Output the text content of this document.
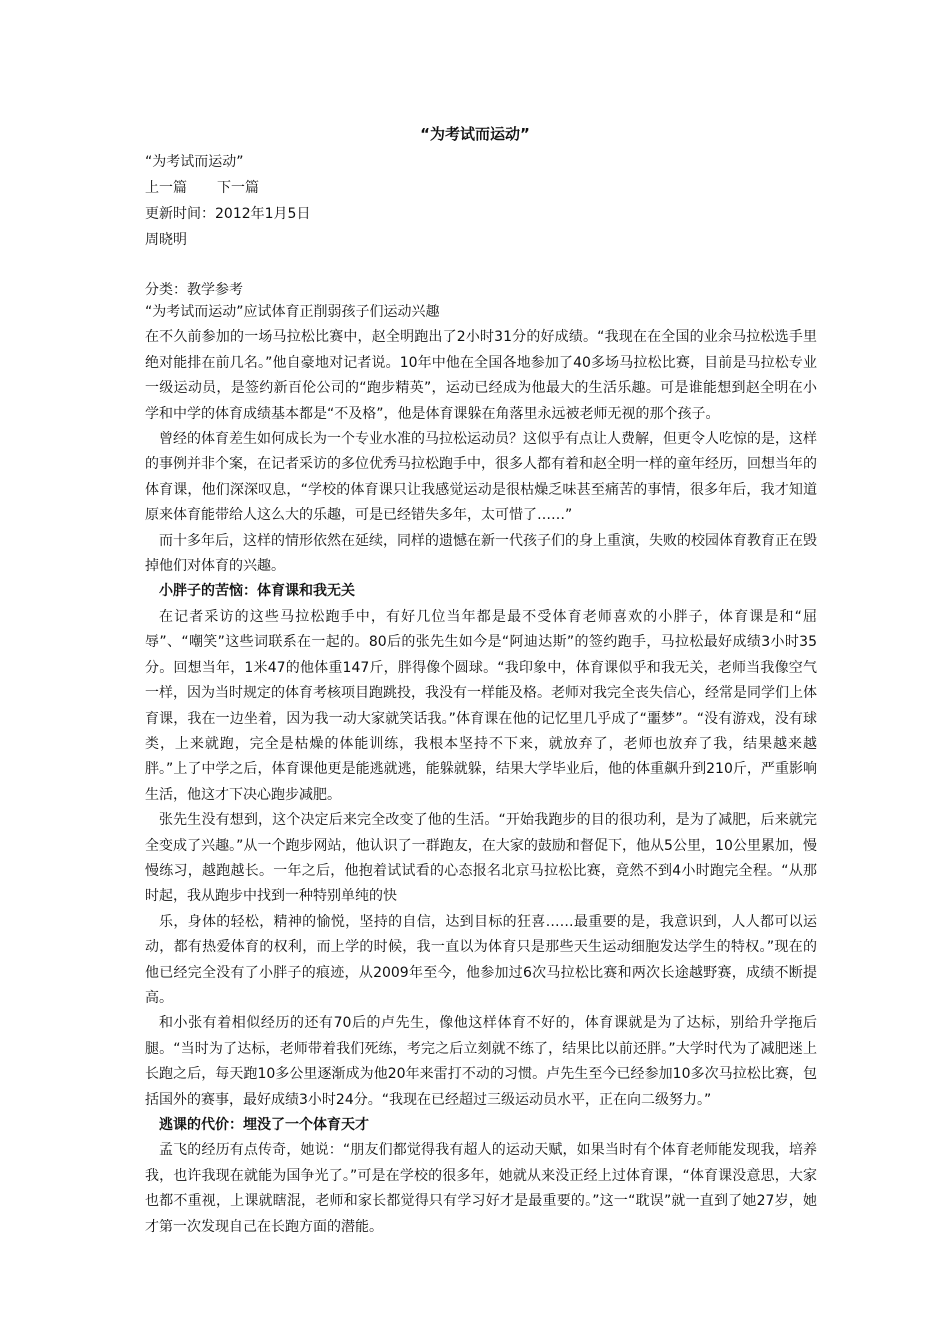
“为考试而运动”
“为考试而运动”
上一篇 下一篇
更新时间：2012年1月5日
周晓明
分类：教学参考

“为考试而运动”应试体育正削弱孩子们运动兴趣

在不久前参加的一场马拉松比赛中，赵全明跑出了2小时31分的好成绩。“我现在在全国的业余马拉松选手里绝对能排在前几名。”他自豪地对记者说。10年中他在全国各地参加了40多场马拉松比赛，目前是马拉松专业一级运动员，是签约新百伦公司的“跑步精英”，运动已经成为他最大的生活乐趣。可是谁能想到赵全明在小学和中学的体育成绩基本都是“不及格”，他是体育课躲在角落里永远被老师无视的那个孩子。

曾经的体育差生如何成长为一个专业水准的马拉松运动员？这似乎有点让人费解，但更令人吃惊的是，这样的事例并非个案，在记者采访的多位优秀马拉松跑手中，很多人都有着和赵全明一样的童年经历，回想当年的体育课，他们深深叹息，“学校的体育课只让我感觉运动是很枯燥乏味甚至痛苦的事情，很多年后，我才知道原来体育能带给人这么大的乐趣，可是已经错失多年，太可惜了……”

而十多年后，这样的情形依然在延续，同样的遗憾在新一代孩子们的身上重演，失败的校园体育教育正在毁掉他们对体育的兴趣。

小胖子的苦恼：体育课和我无关

在记者采访的这些马拉松跑手中，有好几位当年都是最不受体育老师喜欢的小胖子，体育课是和“屈辱”、“嘲笑”这些词联系在一起的。80后的张先生如今是“阿迪达斯”的签约跑手，马拉松最好成绩3小时35分。回想当年，1米47的他体重147斤，胖得像个圆球。“我印象中，体育课似乎和我无关，老师当我像空气一样，因为当时规定的体育考核项目跑跳投，我没有一样能及格。老师对我完全丧失信心，经常是同学们上体育课，我在一边坐着，因为我一动大家就笑话我。”体育课在他的记忆里几乎成了“噩梦”。“没有游戏，没有球类，上来就跑，完全是枯燥的体能训练，我根本坚持不下来，就放弃了，老师也放弃了我，结果越来越胖。”上了中学之后，体育课他更是能逃就逃，能躲就躲，结果大学毕业后，他的体重飙升到210斤，严重影响生活，他这才下决心跑步减肥。

张先生没有想到，这个决定后来完全改变了他的生活。“开始我跑步的目的很功利，是为了减肥，后来就完全变成了兴趣。”从一个跑步网站，他认识了一群跑友，在大家的鼓励和督促下，他从5公里，10公里累加，慢慢练习，越跑越长。一年之后，他抱着试试看的心态报名北京马拉松比赛，竟然不到4小时跑完全程。“从那时起，我从跑步中找到一种特别单纯的快

乐，身体的轻松，精神的愉悦，坚持的自信，达到目标的狂喜……最重要的是，我意识到，人人都可以运动，都有热爱体育的权利，而上学的时候，我一直以为体育只是那些天生运动细胞发达学生的特权。”现在的他已经完全没有了小胖子的痕迹，从2009年至今，他参加过6次马拉松比赛和两次长途越野赛，成绩不断提高。

和小张有着相似经历的还有70后的卢先生，像他这样体育不好的，体育课就是为了达标，别给升学拖后腿。“当时为了达标，老师带着我们死练，考完之后立刻就不练了，结果比以前还胖。”大学时代为了减肥迷上长跑之后，每天跑10多公里逐渐成为他20年来雷打不动的习惯。卢先生至今已经参加10多次马拉松比赛，包括国外的赛事，最好成绩3小时24分。“我现在已经超过三级运动员水平，正在向二级努力。”

逃课的代价：埋没了一个体育天才

孟飞的经历有点传奇，她说：“朋友们都觉得我有超人的运动天赋，如果当时有个体育老师能发现我，培养我，也许我现在就能为国争光了。”可是在学校的很多年，她就从来没正经上过体育课，“体育课没意思，大家也都不重视，上课就瞎混，老师和家长都觉得只有学习好才是最重要的。”这一“耽误”就一直到了她27岁，她才第一次发现自己在长跑方面的潜能。
